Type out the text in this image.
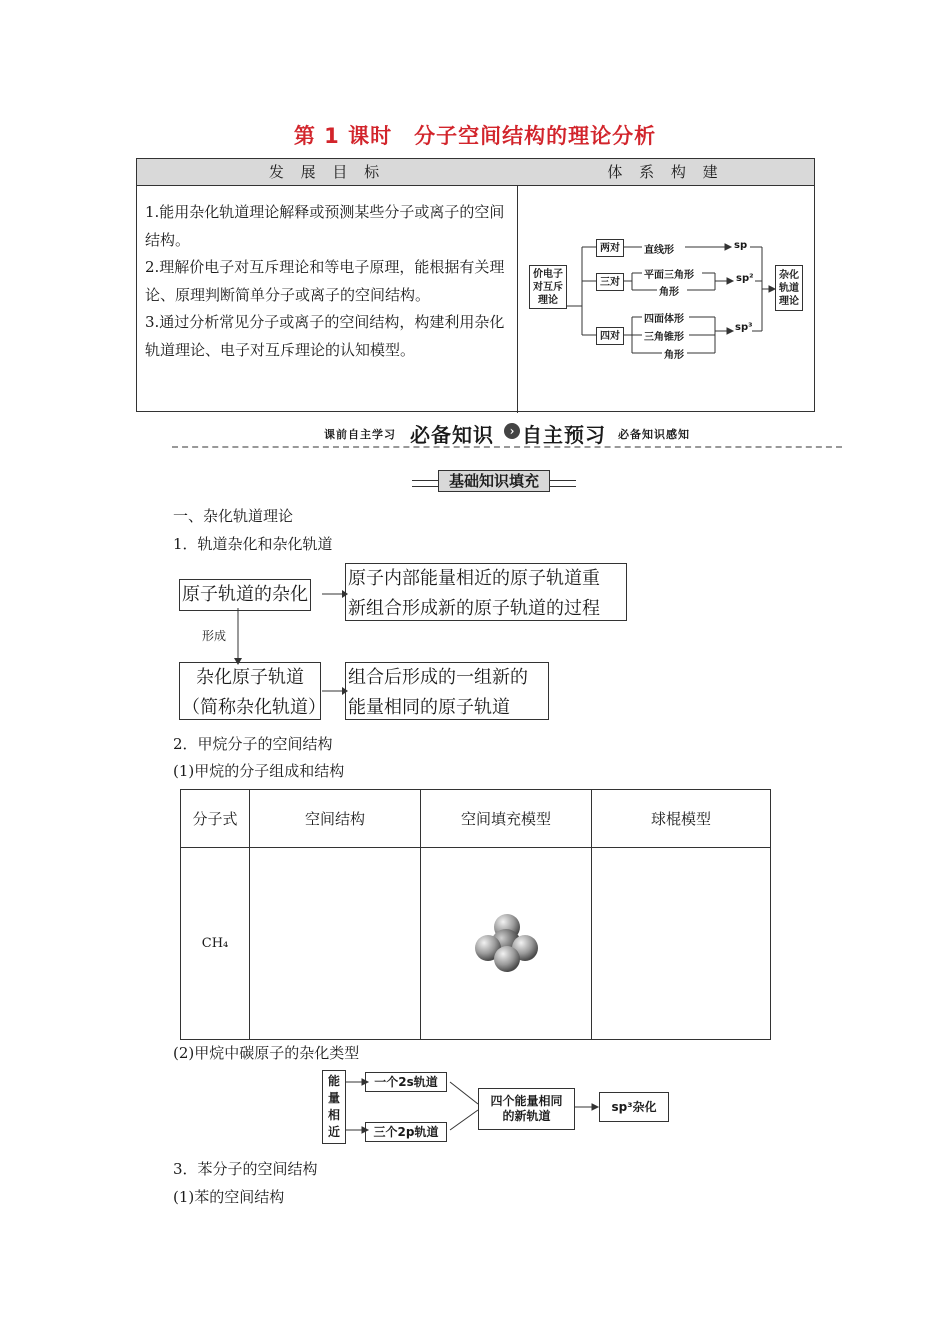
第 1 课时　分子空间结构的理论分析
发 展 目 标	体 系 构 建

1.能用杂化轨道理论解释或预测某些分子或离子的空间结构。

2.理解价电子对互斥理论和等电子原理，能根据有关理论、原理判断简单分子或离子的空间结构。

3.通过分析常见分子或离子的空间结构，构建利用杂化轨道理论、电子对互斥理论的认知模型。

价电子对互斥理论
两对
三对
四对
直线形
平面三角形
角形
四面体形
三角锥形
角形
sp
sp²
sp³
杂化轨道理论
课前自主学习 必备知识	› 自主预习 必备知识感知
基础知识填充
一、杂化轨道理论
1．轨道杂化和杂化轨道
原子轨道的杂化
原子内部能量相近的原子轨道重
新组合形成新的原子轨道的过程
形成
杂化原子轨道
（简称杂化轨道）
组合后形成的一组新的
能量相同的原子轨道
2．甲烷分子的空间结构
(1)甲烷的分子组成和结构
分子式	空间结构	空间填充模型	球棍模型
CH₄			
(2)甲烷中碳原子的杂化类型
能量相近
一个2s轨道
三个2p轨道
四个能量相同的新轨道
sp³杂化
3．苯分子的空间结构
(1)苯的空间结构
